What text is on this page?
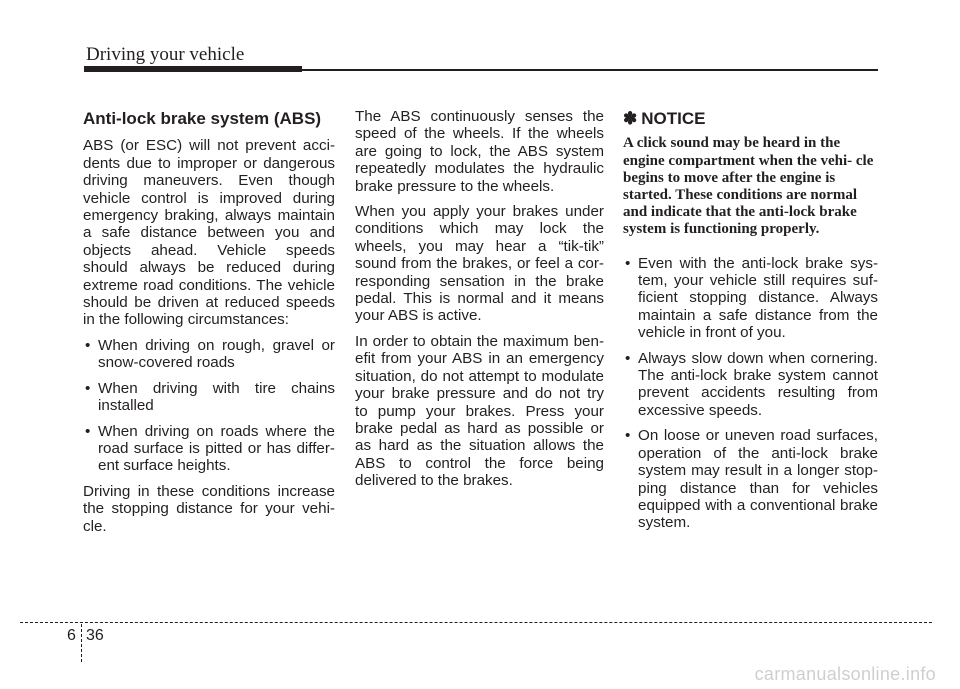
Driving your vehicle
Anti-lock brake system (ABS)

ABS (or ESC) will not prevent acci- dents due to improper or dangerous driving maneuvers. Even though vehicle control is improved during emergency braking, always maintain a safe distance between you and objects ahead. Vehicle speeds should always be reduced during extreme road conditions. The vehicle should be driven at reduced speeds in the following circumstances:

• When driving on rough, gravel or snow-covered roads
• When driving with tire chains installed
• When driving on roads where the road surface is pitted or has differ- ent surface heights.

Driving in these conditions increase the stopping distance for your vehi- cle.

The ABS continuously senses the speed of the wheels. If the wheels are going to lock, the ABS system repeatedly modulates the hydraulic brake pressure to the wheels.

When you apply your brakes under conditions which may lock the wheels, you may hear a “tik-tik” sound from the brakes, or feel a cor- responding sensation in the brake pedal. This is normal and it means your ABS is active.

In order to obtain the maximum ben- efit from your ABS in an emergency situation, do not attempt to modulate your brake pressure and do not try to pump your brakes. Press your brake pedal as hard as possible or as hard as the situation allows the ABS to control the force being delivered to the brakes.

✽ NOTICE
A click sound may be heard in the engine compartment when the vehi- cle begins to move after the engine is started. These conditions are normal and indicate that the anti-lock brake system is functioning properly.
• Even with the anti-lock brake sys- tem, your vehicle still requires suf- ficient stopping distance. Always maintain a safe distance from the vehicle in front of you.
• Always slow down when cornering. The anti-lock brake system cannot prevent accidents resulting from excessive speeds.
• On loose or uneven road surfaces, operation of the anti-lock brake system may result in a longer stop- ping distance than for vehicles equipped with a conventional brake system.
6 36
carmanualsonline.info
